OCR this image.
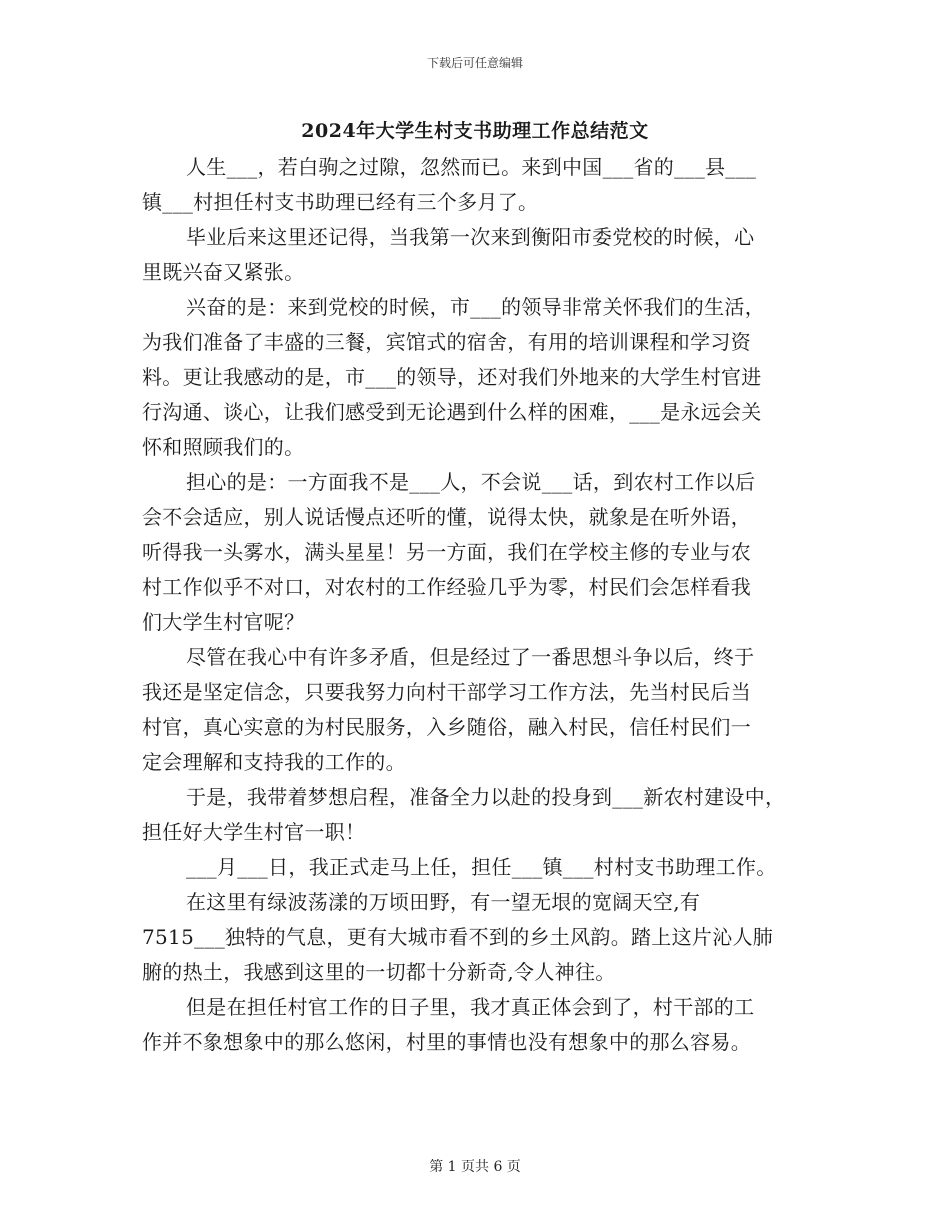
下载后可任意编辑
2024年大学生村支书助理工作总结范文
人生___，若白驹之过隙，忽然而已。来到中国___省的___县___
镇___村担任村支书助理已经有三个多月了。
毕业后来这里还记得，当我第一次来到衡阳市委党校的时候，心
里既兴奋又紧张。
兴奋的是：来到党校的时候，市___的领导非常关怀我们的生活，
为我们准备了丰盛的三餐，宾馆式的宿舍，有用的培训课程和学习资
料。更让我感动的是，市___的领导，还对我们外地来的大学生村官进
行沟通、谈心，让我们感受到无论遇到什么样的困难，___是永远会关
怀和照顾我们的。
担心的是：一方面我不是___人，不会说___话，到农村工作以后
会不会适应，别人说话慢点还听的懂，说得太快，就象是在听外语，
听得我一头雾水，满头星星！另一方面，我们在学校主修的专业与农
村工作似乎不对口，对农村的工作经验几乎为零，村民们会怎样看我
们大学生村官呢？
尽管在我心中有许多矛盾，但是经过了一番思想斗争以后，终于
我还是坚定信念，只要我努力向村干部学习工作方法，先当村民后当
村官，真心实意的为村民服务，入乡随俗，融入村民，信任村民们一
定会理解和支持我的工作的。
于是，我带着梦想启程，准备全力以赴的投身到___新农村建设中，
担任好大学生村官一职！
___月___日，我正式走马上任，担任___镇___村村支书助理工作。
在这里有绿波荡漾的万顷田野，有一望无垠的宽阔天空,有
7515___独特的气息，更有大城市看不到的乡土风韵。踏上这片沁人肺
腑的热土，我感到这里的一切都十分新奇,令人神往。
但是在担任村官工作的日子里，我才真正体会到了，村干部的工
作并不象想象中的那么悠闲，村里的事情也没有想象中的那么容易。
第 1 页共 6 页
